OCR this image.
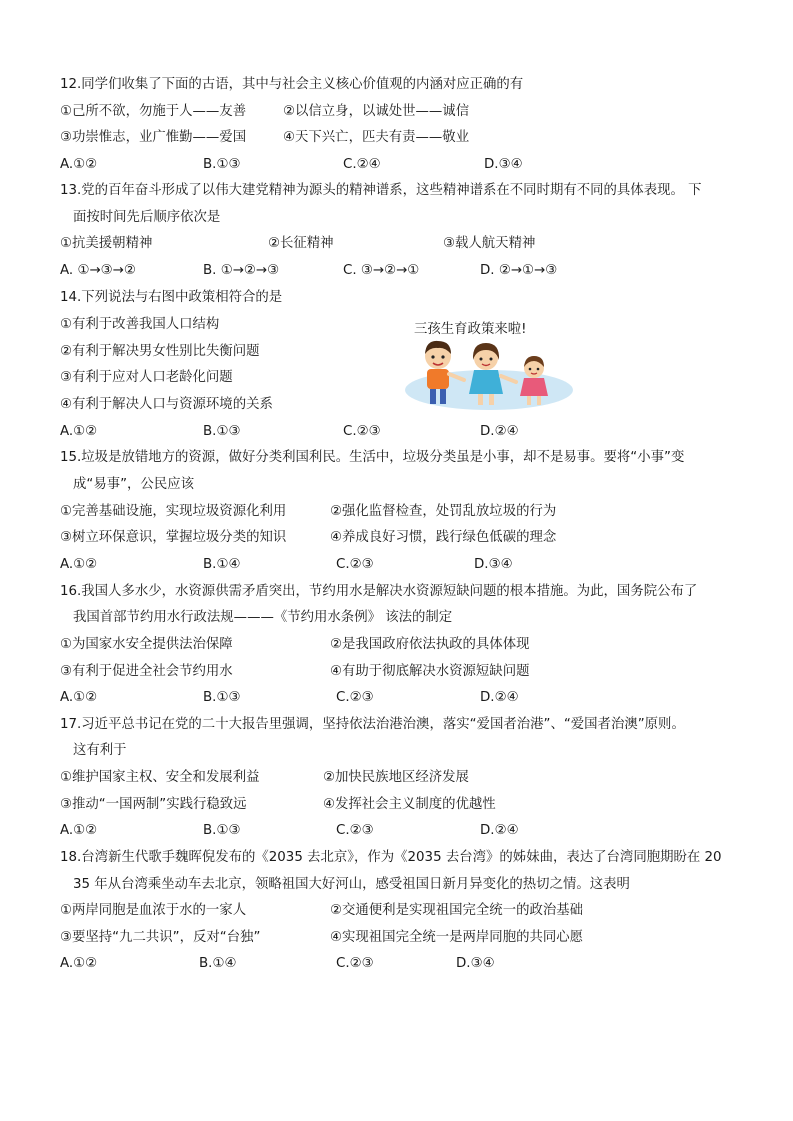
12.同学们收集了下面的古语，其中与社会主义核心价值观的内涵对应正确的有
①己所不欲，勿施于人——友善	②以信立身，以诚处世——诚信
③功崇惟志，业广惟勤——爱国	④天下兴亡，匹夫有责——敬业
A.①②	B.①③	C.②④	D.③④
13.党的百年奋斗形成了以伟大建党精神为源头的精神谱系，这些精神谱系在不同时期有不同的具体表现。 下
面按时间先后顺序依次是
①抗美援朝精神	②长征精神	③载人航天精神
A. ①→③→②	B. ①→②→③	C. ③→②→①	D. ②→①→③
14.下列说法与右图中政策相符合的是
①有利于改善我国人口结构
②有利于解决男女性别比失衡问题
③有利于应对人口老龄化问题
④有利于解决人口与资源环境的关系
三孩生育政策来啦!
A.①②	B.①③	C.②③	D.②④
15.垃圾是放错地方的资源，做好分类利国利民。生活中，垃圾分类虽是小事，却不是易事。要将“小事”变
成“易事”，公民应该
①完善基础设施，实现垃圾资源化利用	②强化监督检查，处罚乱放垃圾的行为
③树立环保意识，掌握垃圾分类的知识	④养成良好习惯，践行绿色低碳的理念
A.①②	B.①④	C.②③	D.③④
16.我国人多水少，水资源供需矛盾突出，节约用水是解决水资源短缺问题的根本措施。为此，国务院公布了
我国首部节约用水行政法规———《节约用水条例》 该法的制定
①为国家水安全提供法治保障	②是我国政府依法执政的具体体现
③有利于促进全社会节约用水	④有助于彻底解决水资源短缺问题
A.①②	B.①③	C.②③	D.②④
17.习近平总书记在党的二十大报告里强调，坚持依法治港治澳，落实“爱国者治港”、“爱国者治澳”原则。
这有利于
①维护国家主权、安全和发展利益	②加快民族地区经济发展
③推动“一国两制”实践行稳致远	④发挥社会主义制度的优越性
A.①②	B.①③	C.②③	D.②④
18.台湾新生代歌手魏晖倪发布的《2035 去北京》，作为《2035 去台湾》的姊妹曲，表达了台湾同胞期盼在 20
35 年从台湾乘坐动车去北京，领略祖国大好河山，感受祖国日新月异变化的热切之情。这表明
①两岸同胞是血浓于水的一家人	②交通便利是实现祖国完全统一的政治基础
③要坚持“九二共识”，反对“台独”	④实现祖国完全统一是两岸同胞的共同心愿
A.①②	B.①④	C.②③	D.③④
